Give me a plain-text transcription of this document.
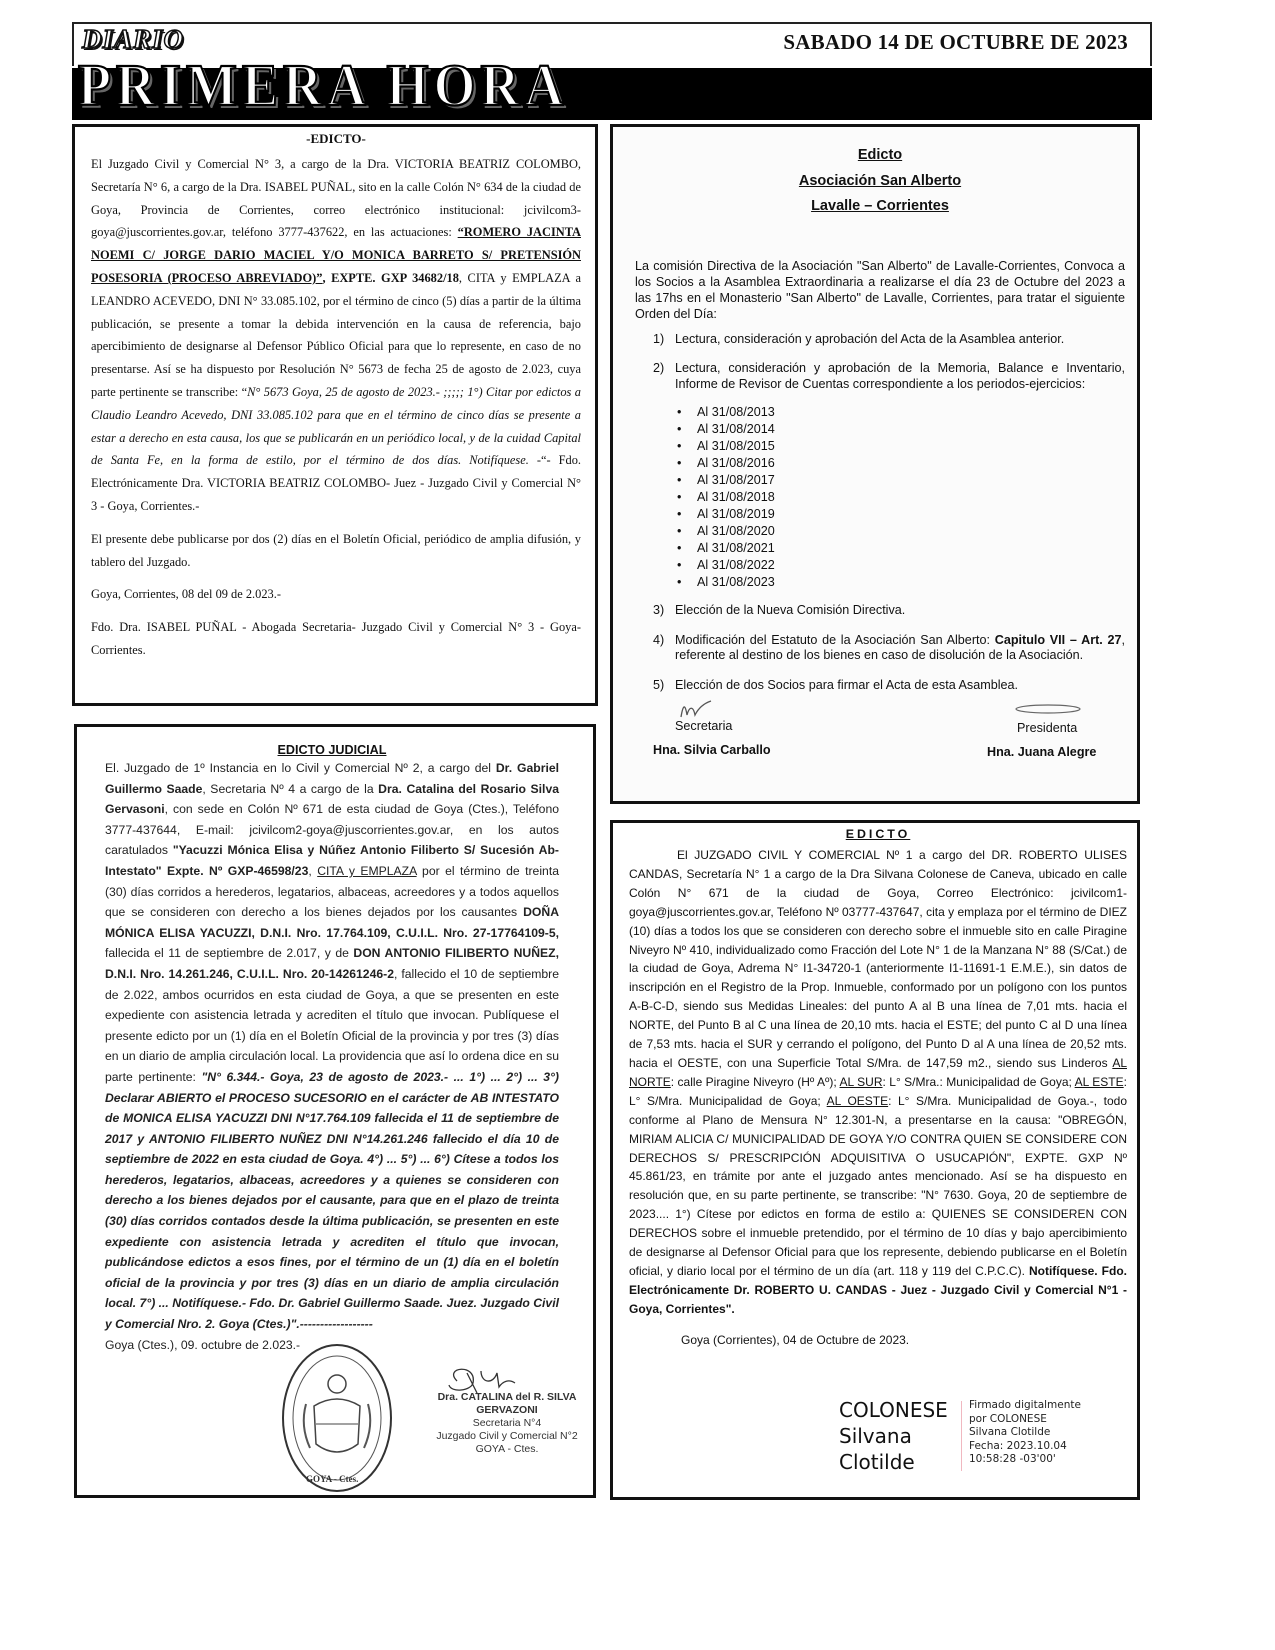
SABADO 14 DE OCTUBRE DE 2023
DIARIO
PRIMERA HORA
-EDICTO-

El Juzgado Civil y Comercial N° 3, a cargo de la Dra. VICTORIA BEATRIZ COLOMBO, Secretaría N° 6, a cargo de la Dra. ISABEL PUÑAL, sito en la calle Colón N° 634 de la ciudad de Goya, Provincia de Corrientes, correo electrónico institucional: jcivilcom3-goya@juscorrientes.gov.ar, teléfono 3777-437622, en las actuaciones: “ROMERO JACINTA NOEMI C/ JORGE DARIO MACIEL Y/O MONICA BARRETO S/ PRETENSIÓN POSESORIA (PROCESO ABREVIADO)”, EXPTE. GXP 34682/18, CITA y EMPLAZA a LEANDRO ACEVEDO, DNI N° 33.085.102, por el término de cinco (5) días a partir de la última publicación, se presente a tomar la debida intervención en la causa de referencia, bajo apercibimiento de designarse al Defensor Público Oficial para que lo represente, en caso de no presentarse. Así se ha dispuesto por Resolución N° 5673 de fecha 25 de agosto de 2.023, cuya parte pertinente se transcribe: “N° 5673 Goya, 25 de agosto de 2023.- ;;;;; 1°) Citar por edictos a Claudio Leandro Acevedo, DNI 33.085.102 para que en el término de cinco días se presente a estar a derecho en esta causa, los que se publicarán en un periódico local, y de la cuidad Capital de Santa Fe, en la forma de estilo, por el término de dos días. Notifíquese. -“- Fdo. Electrónicamente Dra. VICTORIA BEATRIZ COLOMBO- Juez - Juzgado Civil y Comercial N° 3 - Goya, Corrientes.-

El presente debe publicarse por dos (2) días en el Boletín Oficial, periódico de amplia difusión, y tablero del Juzgado.

Goya, Corrientes, 08 del 09 de 2.023.-

Fdo. Dra. ISABEL PUÑAL - Abogada Secretaria- Juzgado Civil y Comercial N° 3 - Goya- Corrientes.

Edicto
Asociación San Alberto
Lavalle – Corrientes
La comisión Directiva de la Asociación "San Alberto" de Lavalle-Corrientes, Convoca a los Socios a la Asamblea Extraordinaria a realizarse el día 23 de Octubre del 2023 a las 17hs en el Monasterio "San Alberto" de Lavalle, Corrientes, para tratar el siguiente Orden del Día:
1) Lectura, consideración y aprobación del Acta de la Asamblea anterior.
2) Lectura, consideración y aprobación de la Memoria, Balance e Inventario, Informe de Revisor de Cuentas correspondiente a los periodos-ejercicios:
• Al 31/08/2013
• Al 31/08/2014
• Al 31/08/2015
• Al 31/08/2016
• Al 31/08/2017
• Al 31/08/2018
• Al 31/08/2019
• Al 31/08/2020
• Al 31/08/2021
• Al 31/08/2022
• Al 31/08/2023
3) Elección de la Nueva Comisión Directiva.
4) Modificación del Estatuto de la Asociación San Alberto: Capitulo VII – Art. 27, referente al destino de los bienes en caso de disolución de la Asociación.
5) Elección de dos Socios para firmar el Acta de esta Asamblea.
Secretaria
Hna. Silvia Carballo
Presidenta
Hna. Juana Alegre
EDICTO JUDICIAL

El. Juzgado de 1º Instancia en lo Civil y Comercial Nº 2, a cargo del Dr. Gabriel Guillermo Saade, Secretaria Nº 4 a cargo de la Dra. Catalina del Rosario Silva Gervasoni, con sede en Colón Nº 671 de esta ciudad de Goya (Ctes.), Teléfono 3777-437644, E-mail: jcivilcom2-goya@juscorrientes.gov.ar, en los autos caratulados "Yacuzzi Mónica Elisa y Núñez Antonio Filiberto S/ Sucesión Ab-Intestato" Expte. Nº GXP-46598/23, CITA y EMPLAZA por el término de treinta (30) días corridos a herederos, legatarios, albaceas, acreedores y a todos aquellos que se consideren con derecho a los bienes dejados por los causantes DOÑA MÓNICA ELISA YACUZZI, D.N.I. Nro. 17.764.109, C.U.I.L. Nro. 27-17764109-5, fallecida el 11 de septiembre de 2.017, y de DON ANTONIO FILIBERTO NUÑEZ, D.N.I. Nro. 14.261.246, C.U.I.L. Nro. 20-14261246-2, fallecido el 10 de septiembre de 2.022, ambos ocurridos en esta ciudad de Goya, a que se presenten en este expediente con asistencia letrada y acrediten el título que invocan. Publíquese el presente edicto por un (1) día en el Boletín Oficial de la provincia y por tres (3) días en un diario de amplia circulación local. La providencia que así lo ordena dice en su parte pertinente: "N° 6.344.- Goya, 23 de agosto de 2023.- ... 1°) ... 2°) ... 3°) Declarar ABIERTO el PROCESO SUCESORIO en el carácter de AB INTESTATO de MONICA ELISA YACUZZI DNI N°17.764.109 fallecida el 11 de septiembre de 2017 y ANTONIO FILIBERTO NUÑEZ DNI N°14.261.246 fallecido el día 10 de septiembre de 2022 en esta ciudad de Goya. 4°) ... 5°) ... 6°) Cítese a todos los herederos, legatarios, albaceas, acreedores y a quienes se consideren con derecho a los bienes dejados por el causante, para que en el plazo de treinta (30) días corridos contados desde la última publicación, se presenten en este expediente con asistencia letrada y acrediten el título que invocan, publicándose edictos a esos fines, por el término de un (1) día en el boletín oficial de la provincia y por tres (3) días en un diario de amplia circulación local. 7°) ... Notifíquese.- Fdo. Dr. Gabriel Guillermo Saade. Juez. Juzgado Civil y Comercial Nro. 2. Goya (Ctes.)".------------------

Goya (Ctes.), 09. octubre de 2.023.-
GOYA - Ctes.
Dra. CATALINA del R. SILVA GERVAZONI
Secretaria N°4
Juzgado Civil y Comercial N°2
GOYA - Ctes.
EDICTO

El JUZGADO CIVIL Y COMERCIAL Nº 1 a cargo del DR. ROBERTO ULISES CANDAS, Secretaría N° 1 a cargo de la Dra Silvana Colonese de Caneva, ubicado en calle Colón N° 671 de la ciudad de Goya, Correo Electrónico: jcivilcom1-goya@juscorrientes.gov.ar, Teléfono Nº 03777-437647, cita y emplaza por el término de DIEZ (10) días a todos los que se consideren con derecho sobre el inmueble sito en calle Piragine Niveyro Nº 410, individualizado como Fracción del Lote N° 1 de la Manzana N° 88 (S/Cat.) de la ciudad de Goya, Adrema N° I1-34720-1 (anteriormente I1-11691-1 E.M.E.), sin datos de inscripción en el Registro de la Prop. Inmueble, conformado por un polígono con los puntos A-B-C-D, siendo sus Medidas Lineales: del punto A al B una línea de 7,01 mts. hacia el NORTE, del Punto B al C una línea de 20,10 mts. hacia el ESTE; del punto C al D una línea de 7,53 mts. hacia el SUR y cerrando el polígono, del Punto D al A una línea de 20,52 mts. hacia el OESTE, con una Superficie Total S/Mra. de 147,59 m2., siendo sus Linderos AL NORTE: calle Piragine Niveyro (Hº Aº); AL SUR: L° S/Mra.: Municipalidad de Goya; AL ESTE: L° S/Mra. Municipalidad de Goya; AL OESTE: L° S/Mra. Municipalidad de Goya.-, todo conforme al Plano de Mensura N° 12.301-N, a presentarse en la causa: "OBREGÓN, MIRIAM ALICIA C/ MUNICIPALIDAD DE GOYA Y/O CONTRA QUIEN SE CONSIDERE CON DERECHOS S/ PRESCRIPCIÓN ADQUISITIVA O USUCAPIÓN", EXPTE. GXP Nº 45.861/23, en trámite por ante el juzgado antes mencionado. Así se ha dispuesto en resolución que, en su parte pertinente, se transcribe: "N° 7630. Goya, 20 de septiembre de 2023.... 1°) Cítese por edictos en forma de estilo a: QUIENES SE CONSIDEREN CON DERECHOS sobre el inmueble pretendido, por el término de 10 días y bajo apercibimiento de designarse al Defensor Oficial para que los represente, debiendo publicarse en el Boletín oficial, y diario local por el término de un día (art. 118 y 119 del C.P.C.C). Notifíquese. Fdo. Electrónicamente Dr. ROBERTO U. CANDAS - Juez - Juzgado Civil y Comercial N°1 - Goya, Corrientes".

Goya (Corrientes), 04 de Octubre de 2023.
COLONESE
Silvana
Clotilde
Firmado digitalmente
por COLONESE
Silvana Clotilde
Fecha: 2023.10.04
10:58:28 -03'00'
